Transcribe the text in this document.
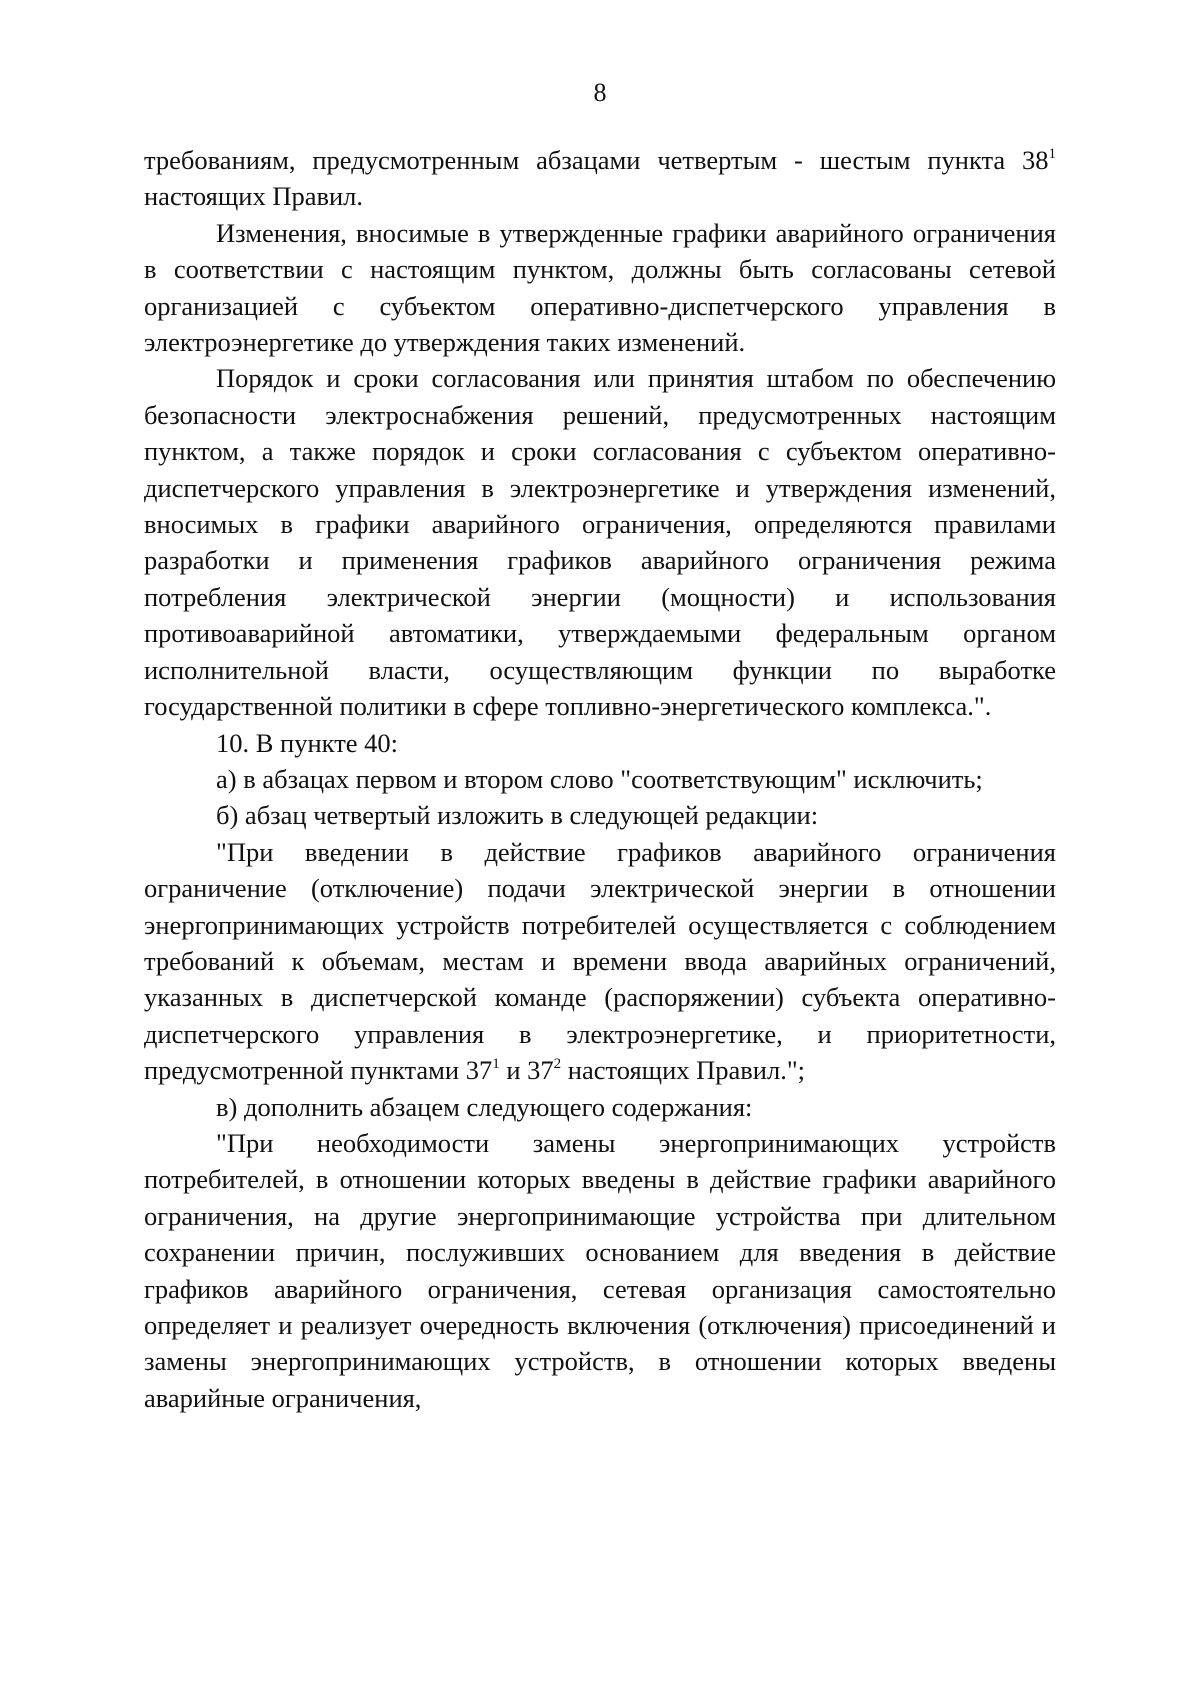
8

требованиям, предусмотренным абзацами четвертым - шестым пункта $38^1$ настоящих Правил.

Изменения, вносимые в утвержденные графики аварийного ограничения в соответствии с настоящим пунктом, должны быть согласованы сетевой организацией с субъектом оперативно-диспетчерского управления в электроэнергетике до утверждения таких изменений.

Порядок и сроки согласования или принятия штабом по обеспечению безопасности электроснабжения решений, предусмотренных настоящим пунктом, а также порядок и сроки согласования с субъектом оперативно-диспетчерского управления в электроэнергетике и утверждения изменений, вносимых в графики аварийного ограничения, определяются правилами разработки и применения графиков аварийного ограничения режима потребления электрической энергии (мощности) и использования противоаварийной автоматики, утверждаемыми федеральным органом исполнительной власти, осуществляющим функции по выработке государственной политики в сфере топливно-энергетического комплекса.".

10. В пункте 40:

а) в абзацах первом и втором слово "соответствующим" исключить;

б) абзац четвертый изложить в следующей редакции:

"При введении в действие графиков аварийного ограничения ограничение (отключение) подачи электрической энергии в отношении энергопринимающих устройств потребителей осуществляется с соблюдением требований к объемам, местам и времени ввода аварийных ограничений, указанных в диспетчерской команде (распоряжении) субъекта оперативно-диспетчерского управления в электроэнергетике, и приоритетности, предусмотренной пунктами $37^1$ и $37^2$ настоящих Правил.";

в) дополнить абзацем следующего содержания:

"При необходимости замены энергопринимающих устройств потребителей, в отношении которых введены в действие графики аварийного ограничения, на другие энергопринимающие устройства при длительном сохранении причин, послуживших основанием для введения в действие графиков аварийного ограничения, сетевая организация самостоятельно определяет и реализует очередность включения (отключения) присоединений и замены энергопринимающих устройств, в отношении которых введены аварийные ограничения,
